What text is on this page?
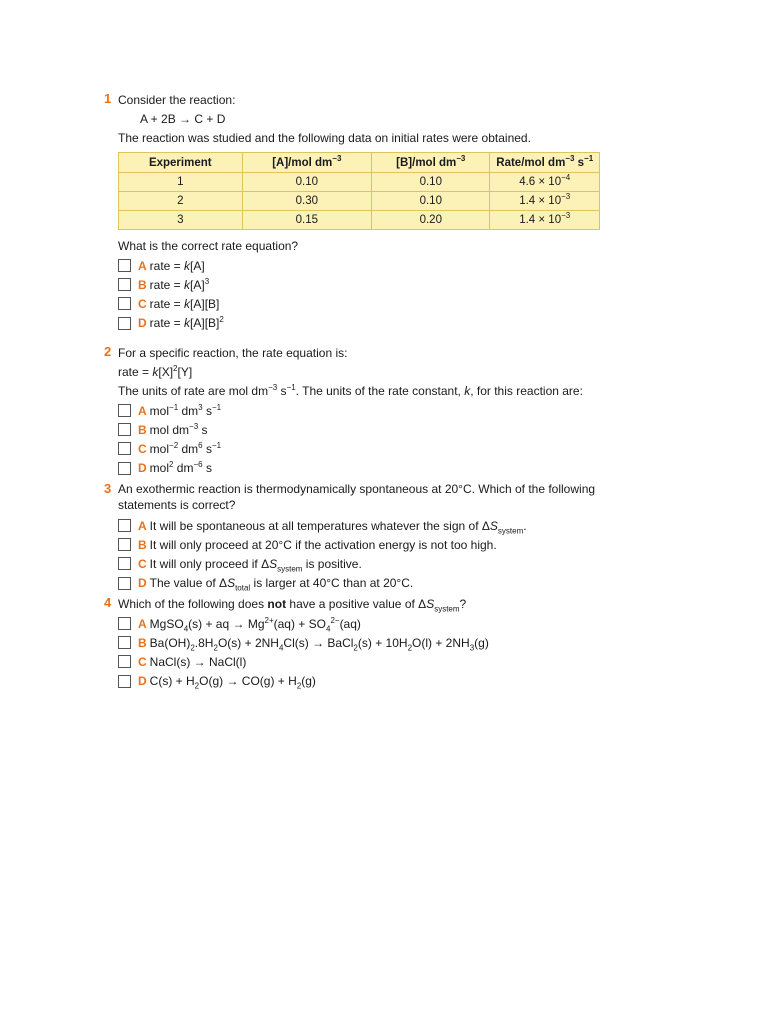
1 Consider the reaction:
A + 2B → C + D
The reaction was studied and the following data on initial rates were obtained.
Experiment	[A]/mol $dm^{-3}$	[B]/mol $dm^{-3}$	Rate/mol $dm^{-3}$ $s^{-1}$
1	0.10	0.10	$4.6 \times 10^{-4}$
2	0.30	0.10	$1.4 \times 10^{-3}$
3	0.15	0.20	$1.4 \times 10^{-3}$
What is the correct rate equation?
A rate = k[A]
B rate = $k[A]^3$
C rate = k[A][B]
D rate = $k[A][B]^2$
2 For a specific reaction, the rate equation is:
rate = $k[X]^2[Y]$
The units of rate are mol $dm^{-3}$ $s^{-1}$. The units of the rate constant, k, for this reaction are:
A mol$^{-1}$ $dm^3$ $s^{-1}$
B mol $dm^{-3}$ s
C mol$^{-2}$ $dm^6$ $s^{-1}$
D mol$^2$ $dm^{-6}$ s
3 An exothermic reaction is thermodynamically spontaneous at 20°C. Which of the following statements is correct?
A It will be spontaneous at all temperatures whatever the sign of $\Delta S_{system}$.
B It will only proceed at 20°C if the activation energy is not too high.
C It will only proceed if $\Delta S_{system}$ is positive.
D The value of $\Delta S_{total}$ is larger at 40°C than at 20°C.
4 Which of the following does not have a positive value of $\Delta S_{system}$?
A MgSO$_4$(s) + aq → $Mg^{2+}(aq) + SO_4^{2-}(aq)$
B $Ba(OH)_2.8H_2O(s) + 2NH_4Cl(s)$ → BaCl$_2$(s) + $10H_2O(l) + 2NH_3(g)$
C NaCl(s) → NaCl(l)
D $C(s) + H_2O(g) \to CO(g) + H_2(g)$
